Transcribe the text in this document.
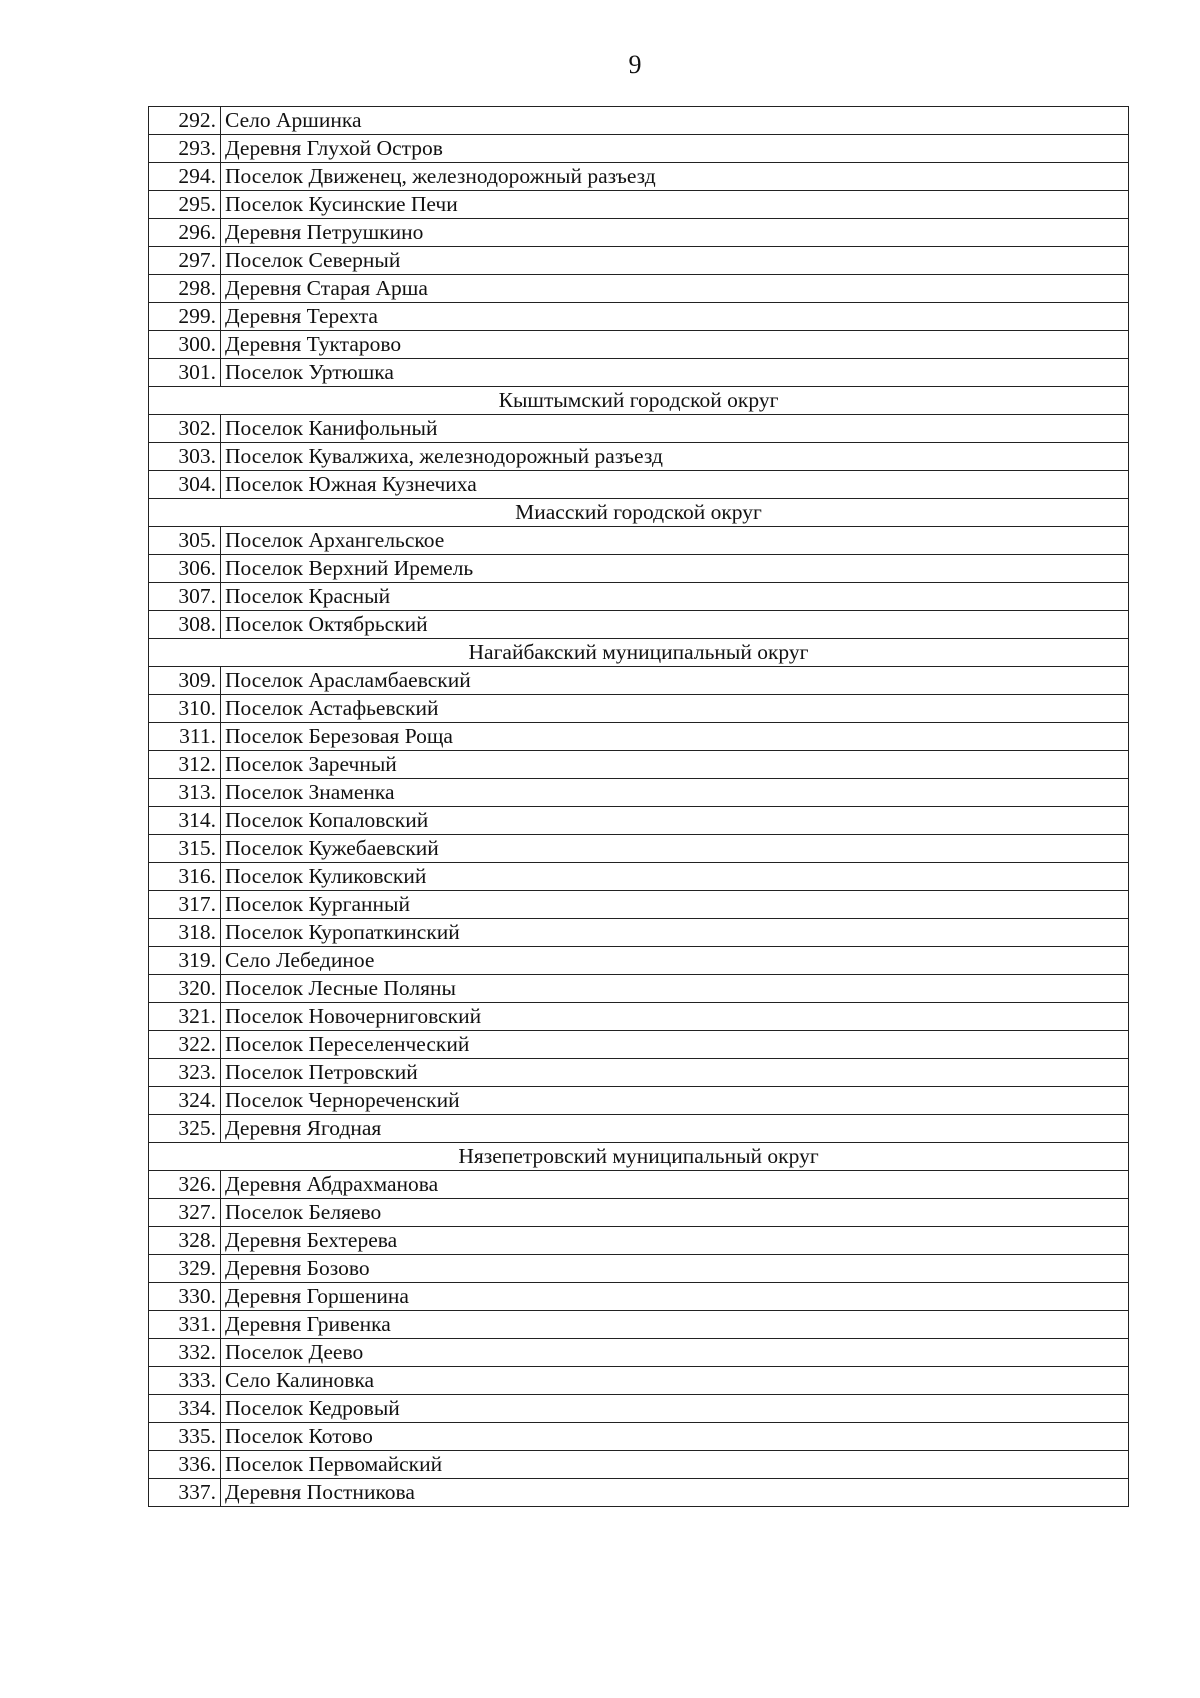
9
292.	Село Аршинка
293.	Деревня Глухой Остров
294.	Поселок Движенец, железнодорожный разъезд
295.	Поселок Кусинские Печи
296.	Деревня Петрушкино
297.	Поселок Северный
298.	Деревня Старая Арша
299.	Деревня Терехта
300.	Деревня Туктарово
301.	Поселок Уртюшка
Кыштымский городской округ	
302.	Поселок Канифольный
303.	Поселок Кувалжиха, железнодорожный разъезд
304.	Поселок Южная Кузнечиха
Миасский городской округ	
305.	Поселок Архангельское
306.	Поселок Верхний Иремель
307.	Поселок Красный
308.	Поселок Октябрьский
Нагайбакский муниципальный округ	
309.	Поселок Арасламбаевский
310.	Поселок Астафьевский
311.	Поселок Березовая Роща
312.	Поселок Заречный
313.	Поселок Знаменка
314.	Поселок Копаловский
315.	Поселок Кужебаевский
316.	Поселок Куликовский
317.	Поселок Курганный
318.	Поселок Куропаткинский
319.	Село Лебединое
320.	Поселок Лесные Поляны
321.	Поселок Новочерниговский
322.	Поселок Переселенческий
323.	Поселок Петровский
324.	Поселок Чернореченский
325.	Деревня Ягодная
Нязепетровский муниципальный округ	
326.	Деревня Абдрахманова
327.	Поселок Беляево
328.	Деревня Бехтерева
329.	Деревня Бозово
330.	Деревня Горшенина
331.	Деревня Гривенка
332.	Поселок Деево
333.	Село Калиновка
334.	Поселок Кедровый
335.	Поселок Котово
336.	Поселок Первомайский
337.	Деревня Постникова
